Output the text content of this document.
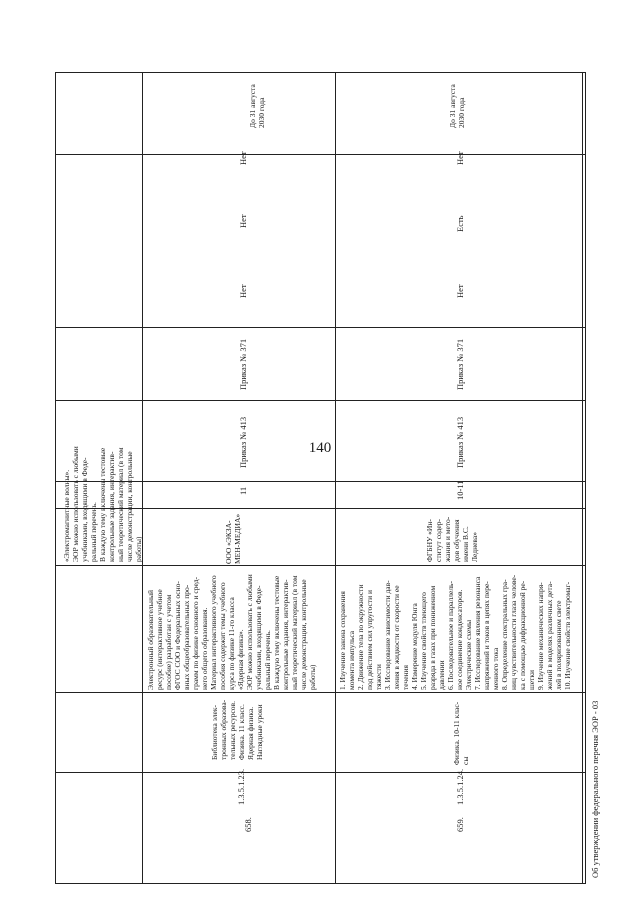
140
Об утверждении федерального перечня ЭОР - 03
«Электромагнитные волны».
ЭОР можно использовать с любыми
учебниками, входящими в Феде-
ральный перечень.
В каждую тему включены тестовые
контрольные задания, интерактив-
ный теоретический материал (в том
числе демонстрации, контрольные
работы)
658.
1.3.5.1.23.
Библиотека элек-
тронных образова-
тельных ресурсов.
Физика. 11 класс.
Ядерная физика.
Наглядные уроки
Электронный образовательный
ресурс (интерактивное учебное
пособие) разработан с учетом
ФГОС СОО и Федеральных осно-
вных общеобразовательных про-
грамм по физике основного и сред-
него общего образования.
Материал интерактивного учебного
пособия содержит темы учебного
курса по физике 11-го класса
«Ядерная физика».
ЭОР можно использовать с любыми
учебниками, входящими в Феде-
ральный перечень.
В каждую тему включены тестовые
контрольные задания, интерактив-
ный теоретический материал (в том
числе демонстрации, контрольные
работы)
ООО «ЭКЗА-
МЕН-МЕДИА»
11
Приказ № 413
Приказ № 371
Нет
Нет
Нет
До 31 августа
2030 года
659.
1.3.5.1.24.
Физика. 10-11 клас-
сы
1. Изучение закона сохранения
момента импульса
2. Движение тела по окружности
под действием сил упругости и
тяжести
3. Исследование зависимости дав-
ления в жидкости от скорости ее
течения
4. Измерение модуля Юнга
5. Изучение свойств тлеющего
разряда в газах при пониженном
давлении
6. Последовательное и параллель-
ное соединение конденсаторов.
Электрические схемы
7. Исследование явления резонанса
напряжений и токов в цепях пере-
менного тока
8. Определение спектральных гра-
ниц чувствительности глаза челове-
ка с помощью дифракционной ре-
шетки
9. Изучение механических напря-
жений в моделях различных дета-
лей в поляризованном свете
10. Изучение свойств электромаг-
ФГБНУ «Ин-
ститут содер-
жания и мето-
дов обучения
имени В.С.
Леднева»
10-11
Приказ № 413
Приказ № 371
Нет
Есть
Нет
До 31 августа
2030 года
